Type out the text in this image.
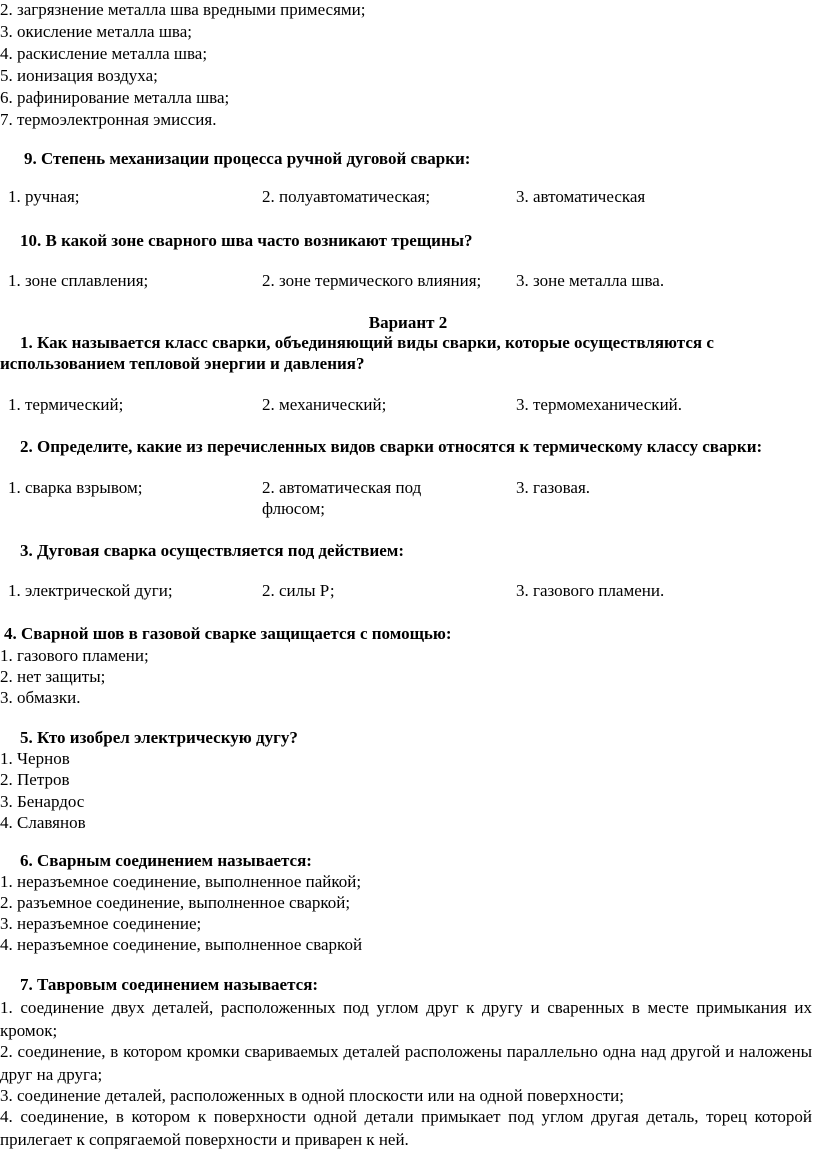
2. загрязнение металла шва вредными примесями;
3. окисление металла шва;
4. раскисление металла шва;
5. ионизация воздуха;
6. рафинирование металла шва;
7. термоэлектронная эмиссия.
9. Степень механизации процесса ручной дуговой сварки:
1. ручная;	2. полуавтоматическая;	3. автоматическая
10. В какой зоне сварного шва часто возникают трещины?
1. зоне сплавления;	2. зоне термического влияния; 3. зоне металла шва.
Вариант 2
1. Как называется класс сварки, объединяющий виды сварки, которые осуществляются с
использованием тепловой энергии и давления?
1. термический;	2. механический;	3. термомеханический.
2. Определите, какие из перечисленных видов сварки относятся к термическому классу сварки:
1. сварка взрывом;	2. автоматическая под
флюсом;
3. газовая.
3. Дуговая сварка осуществляется под действием:
1. электрической дуги;	2. силы Р;	3. газового пламени.
4. Сварной шов в газовой сварке защищается с помощью:
1. газового пламени;
2. нет защиты;
3. обмазки.
5. Кто изобрел электрическую дугу?
1. Чернов
2. Петров
3. Бенардос
4. Славянов
6. Сварным соединением называется:
1. неразъемное соединение, выполненное пайкой;
2. разъемное соединение, выполненное сваркой;
3. неразъемное соединение;
4. неразъемное соединение, выполненное сваркой
7. Тавровым соединением называется:
1. соединение двух деталей, расположенных под углом друг к другу и сваренных в месте примыкания их кромок;
2. соединение, в котором кромки свариваемых деталей расположены параллельно одна над другой и наложены друг на друга;
3. соединение деталей, расположенных в одной плоскости или на одной поверхности;
4. соединение, в котором к поверхности одной детали примыкает под углом другая деталь, торец которой прилегает к сопрягаемой поверхности и приварен к ней.
